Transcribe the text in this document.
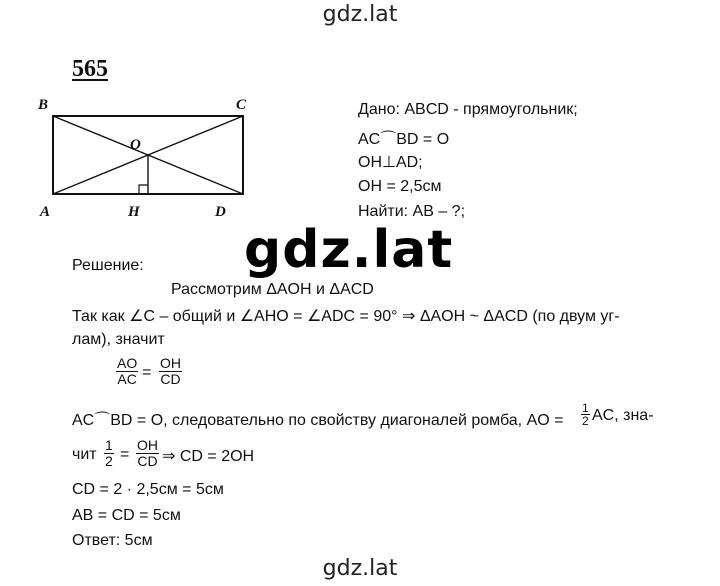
gdz.lat
565
B	C
O
A	H	D
Дано: ABCD - прямоугольник;
AC⌒BD = O
OH⊥AD;
OH = 2,5см
Найти: AB – ?;
gdz.lat
Решение:
Рассмотрим ΔAOH и ΔACD
Так как ∠C – общий и ∠AHO = ∠ADC = 90° ⇒ ΔAOH ~ ΔACD (по двум уг-
лам), значит
$\frac{AO}{AC} = \frac{OH}{CD}$
AC⌒BD = O, следовательно по свойству диагоналей ромба, AO = $\frac{1}{2}$ AC, зна-
чит $\frac{1}{2} = \frac{OH}{CD}$ ⇒ CD = 2OH
CD = 2 · 2,5см = 5см
AB = CD = 5см
Ответ: 5см
gdz.lat
